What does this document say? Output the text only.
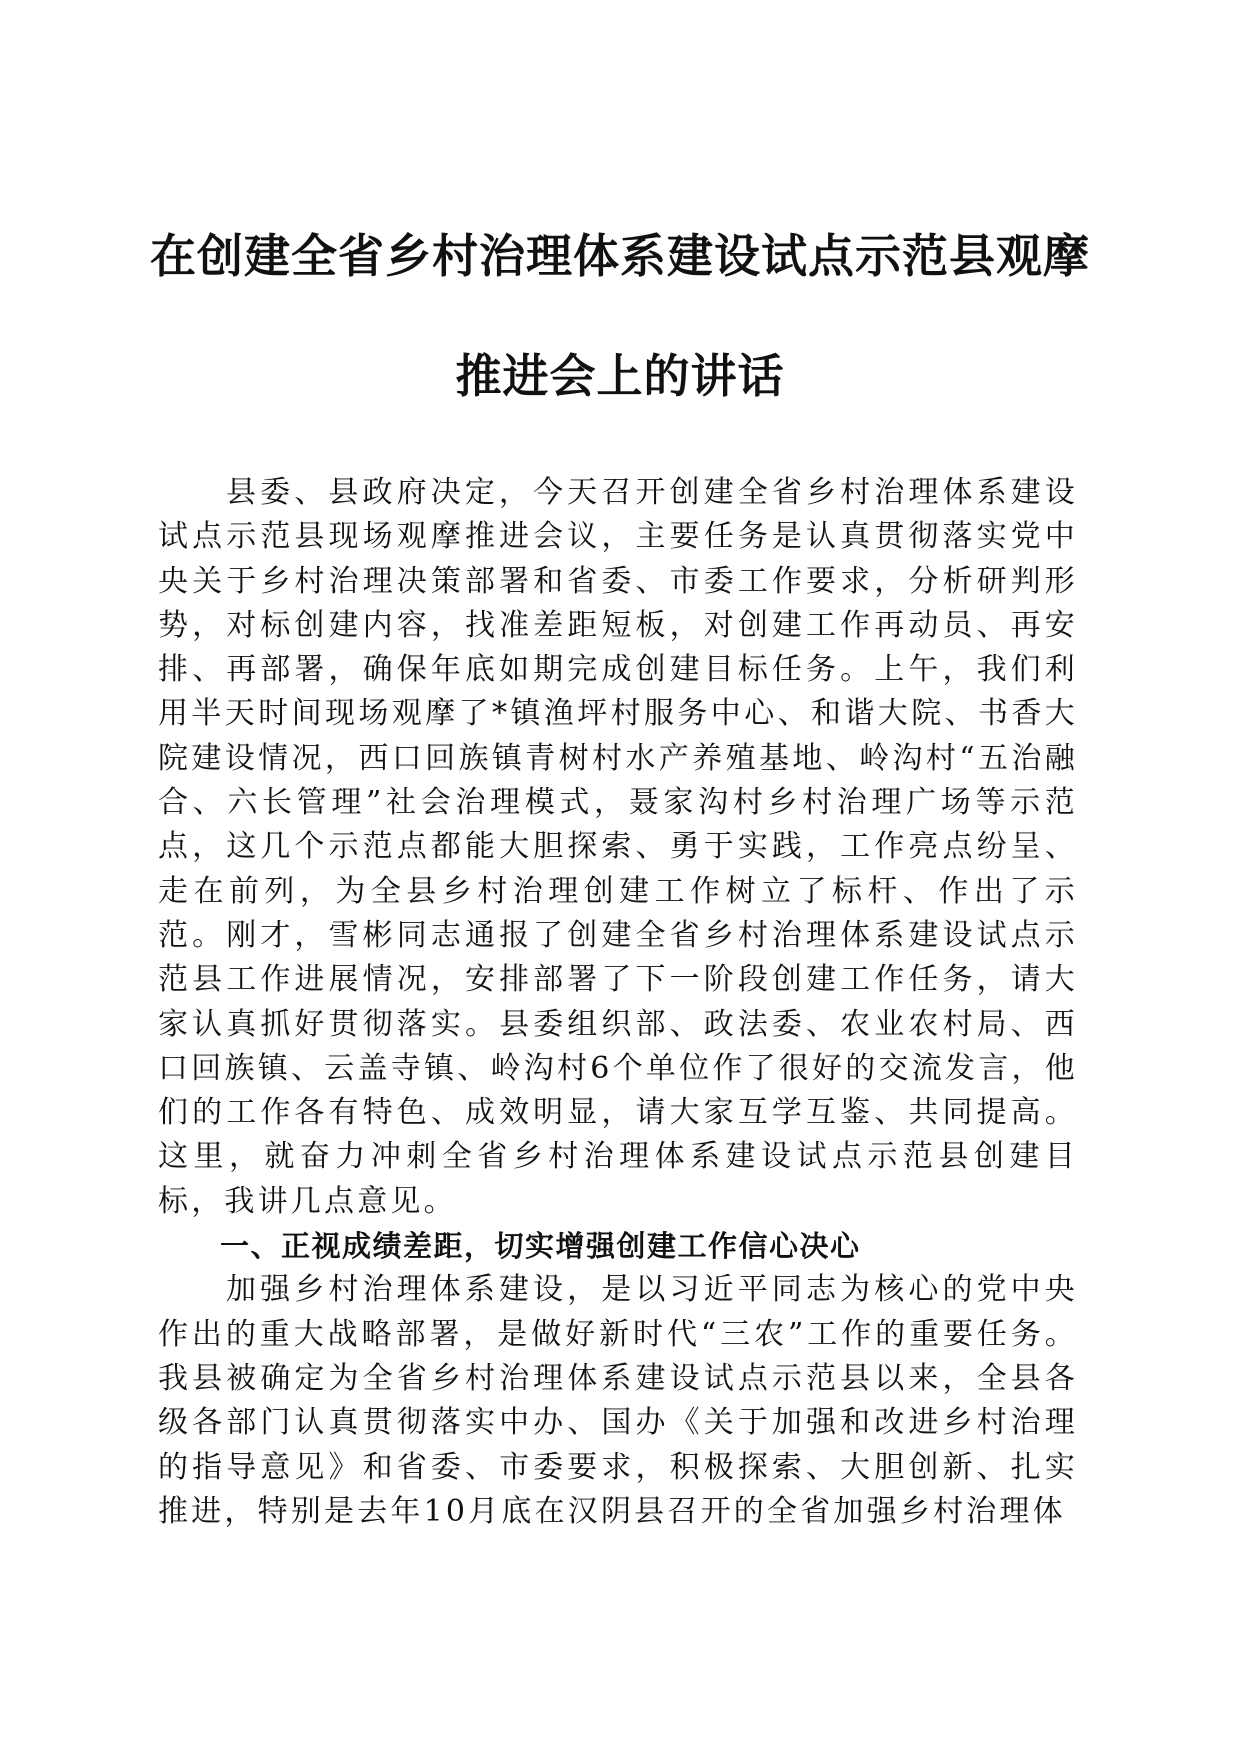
在创建全省乡村治理体系建设试点示范县观摩
推进会上的讲话

县委、县政府决定，今天召开创建全省乡村治理体系建设试点示范县现场观摩推进会议，主要任务是认真贯彻落实党中央关于乡村治理决策部署和省委、市委工作要求，分析研判形势，对标创建内容，找准差距短板，对创建工作再动员、再安排、再部署，确保年底如期完成创建目标任务。上午，我们利用半天时间现场观摩了*镇渔坪村服务中心、和谐大院、书香大院建设情况，西口回族镇青树村水产养殖基地、岭沟村“五治融合、六长管理”社会治理模式，聂家沟村乡村治理广场等示范点，这几个示范点都能大胆探索、勇于实践，工作亮点纷呈、走在前列，为全县乡村治理创建工作树立了标杆、作出了示范。刚才，雪彬同志通报了创建全省乡村治理体系建设试点示范县工作进展情况，安排部署了下一阶段创建工作任务，请大家认真抓好贯彻落实。县委组织部、政法委、农业农村局、西口回族镇、云盖寺镇、岭沟村6个单位作了很好的交流发言，他们的工作各有特色、成效明显，请大家互学互鉴、共同提高。这里，就奋力冲刺全省乡村治理体系建设试点示范县创建目标，我讲几点意见。

一、正视成绩差距，切实增强创建工作信心决心

加强乡村治理体系建设，是以习近平同志为核心的党中央作出的重大战略部署，是做好新时代“三农”工作的重要任务。我县被确定为全省乡村治理体系建设试点示范县以来，全县各级各部门认真贯彻落实中办、国办《关于加强和改进乡村治理的指导意见》和省委、市委要求，积极探索、大胆创新、扎实推进，特别是去年10月底在汉阴县召开的全省加强乡村治理体
